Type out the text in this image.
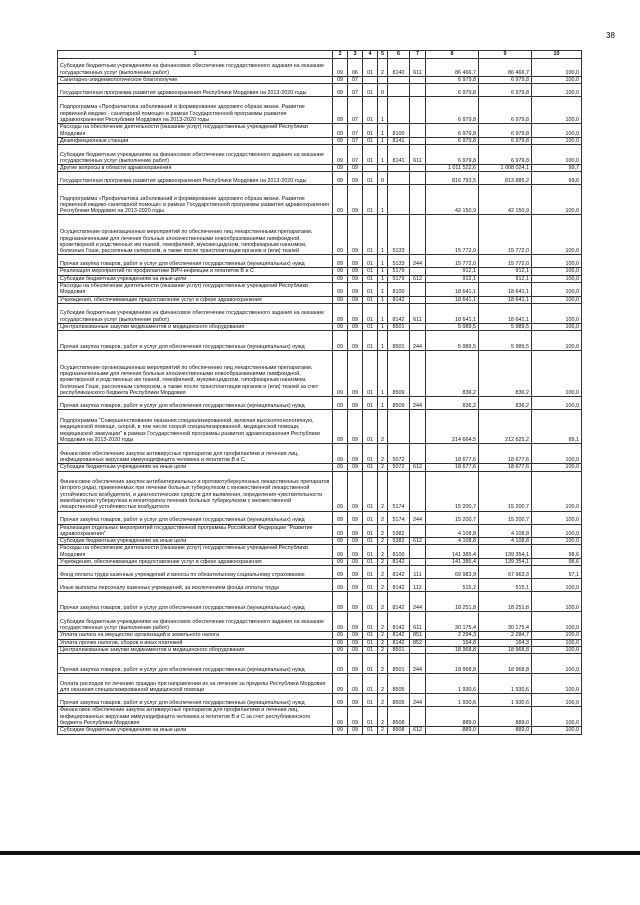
38
1	2	3	4	5	6	7	8	9	10
Субсидии бюджетным учреждениям на финансовое обеспечение государственного задания на оказание государственных услуг (выполнение работ)	09	06	01	2	8140	611	86 466,7	86 466,7	100,0
Санитарно-эпидемиологическое благополучие	09	07					6 979,8	6 979,8	100,0
Государственная программа развития здравоохранения Республики Мордовия на 2013-2020 годы	09	07	01	0			6 979,8	6 979,8	100,0
Подпрограмма «Профилактика заболеваний и формирование здорового образа жизни. Развитие первичной медико - санитарной помощи» в рамках Государственной программы развития здравоохранения Республики Мордовия на 2013-2020 годы	09	07	01	1			6 979,8	6 979,8	100,0
Расходы на обеспечение деятельности (оказание услуг) государственных учреждений Республики Мордовия	09	07	01	1	8100		6 979,8	6 979,8	100,0
Дезинфекционные станции	09	07	01	1	8141		6 979,8	6 979,8	100,0
Субсидии бюджетным учреждениям на финансовое обеспечение государственного задания на оказание государственных услуг (выполнение работ)	09	07	01	1	8141	611	6 979,8	6 979,8	100,0
Другие вопросы в области здравоохранения	09	09					1 011 522,6	1 008 024,1	99,7
Государственная программа развития здравоохранения Республики Мордовия на 2013-2020 годы	09	09	01	0			816 793,5	813 885,2	99,6
Подпрограмма «Профилактика заболеваний и формирование здорового образа жизни. Развитие первичной медико-санитарной помощи» в рамках Государственной программы развития здравоохранения Республики Мордовия на 2013-2020 годы	09	09	01	1			42 150,9	42 150,9	100,0
Осуществление организационных мероприятий по обеспечению лиц лекарственными препаратами, предназначенными для лечения больных злокачественными новообразованиями лимфоидной, кроветворной и родственных им тканей, гемофилией, муковисцидозом, гипофизарным нанизмом, болезнью Гоше, рассеянным склерозом, а также после трансплантации органов и (или) тканей	09	09	01	1	5133		15 772,0	15 772,0	100,0
Прочая закупка товаров, работ и услуг для обеспечения государственных (муниципальных) нужд	09	09	01	1	5133	244	15 772,0	15 772,0	100,0
Реализация мероприятий по профилактике ВИЧ-инфекции и гепатитов В и С	09	09	01	1	5179		912,1	912,1	100,0
Субсидии бюджетным учреждениям на иные цели	09	09	01	1	5179	612	912,1	912,1	100,0
Расходы на обеспечение деятельности (оказание услуг) государственных учреждений Республики Мордовия	09	09	01	1	8100		18 641,1	18 641,1	100,0
Учреждения, обеспечивающие предоставление услуг в сфере здравоохранения	09	09	01	1	8142		18 641,1	18 641,1	100,0
Субсидии бюджетным учреждениям на финансовое обеспечение государственного задания на оказание государственных услуг (выполнение работ)	09	09	01	1	8142	611	18 641,1	18 641,1	100,0
Централизованные закупки медикаментов и медицинского оборудования	09	09	01	1	8501		5 989,5	5 989,5	100,0
Прочая закупка товаров, работ и услуг для обеспечения государственных (муниципальных) нужд	09	09	01	1	8501	244	5 989,5	5 989,5	100,0
Осуществление организационных мероприятий по обеспечению лиц лекарственными препаратами, предназначенными для лечения больных злокачественными новообразованиями лимфоидной, кроветворной и родственных им тканей, гемофилией, муковисцидозом, гипофизарным нанизмом, болезнью Гоше, рассеянным склерозом, а также после трансплантации органов и (или) тканей за счет республиканского бюджета Республики Мордовия	09	09	01	1	8509		836,2	836,2	100,0
Прочая закупка товаров, работ и услуг для обеспечения государственных (муниципальных) нужд	09	09	01	1	8509	244	836,2	836,2	100,0
Подпрограмма "Совершенствование оказания специализированной, включая высокотехнологичную, медицинской помощи, скорой, в том числе скорой специализированной, медицинской помощи, медицинской эвакуации" в рамках Государственной программы развития здравоохранения Республики Мордовия на 2013-2020 годы	09	09	01	2			214 664,5	212 625,2	99,1
Финансовое обеспечение закупок антивирусных препаратов для профилактики и лечения лиц, инфицированных вирусами иммунодефицита человека и гепатитов В и С	09	09	01	2	5072		18 677,6	18 677,6	100,0
Субсидии бюджетным учреждениям на иные цели	09	09	01	2	5072	612	18 677,6	18 677,6	100,0
Финансовое обеспечение закупок антибактериальных и противотуберкулезных лекарственных препаратов (второго ряда), применяемых при лечении больных туберкулезом с множественной лекарственной устойчивостью возбудителя, и диагностических средств для выявления, определения чувствительности микобактерии туберкулеза и мониторинга лечения больных туберкулезом с множественной лекарственной устойчивостью возбудителя	09	09	01	2	5174		15 200,7	15 200,7	100,0
Прочая закупка товаров, работ и услуг для обеспечения государственных (муниципальных) нужд	09	09	01	2	5174	244	15 200,7	15 200,7	100,0
Реализация отдельных мероприятий государственной программы Российской Федерации "Развитие здравоохранения"	09	09	01	2	5382		4 108,8	4 108,8	100,0
Субсидии бюджетным учреждениям на иные цели	09	09	01	2	5382	612	4 108,8	4 108,8	100,0
Расходы на обеспечение деятельности (оказание услуг) государственных учреждений Республики Мордовия	09	09	01	2	8100		141 385,4	139 354,1	98,6
Учреждения, обеспечивающие предоставление услуг в сфере здравоохранения	09	09	01	2	8142		141 385,4	139 354,1	98,6
Фонд оплаты труда казенных учреждений и взносы по обязательному социальному страхованию	09	09	01	2	8142	111	69 983,9	67 963,3	97,1
Иные выплаты персоналу казенных учреждений, за исключением фонда оплаты труда	09	09	01	2	8142	112	515,2	515,1	100,0
Прочая закупка товаров, работ и услуг для обеспечения государственных (муниципальных) нужд	09	09	01	2	8142	244	18 251,8	18 251,8	100,0
Субсидии бюджетным учреждениям на финансовое обеспечение государственного задания на оказание государственных услуг (выполнение работ)	09	09	01	2	8142	611	30 175,4	30 175,4	100,0
Уплата налога на имущество организаций и земельного налога	09	09	01	2	8142	851	2 294,3	2 284,7	100,0
Уплата прочих налогов, сборов и иных платежей	09	09	01	2	8142	852	164,8	164,3	100,0
Централизованные закупки медикаментов и медицинского оборудования	09	09	01	2	8501		18 968,8	18 968,8	100,0
Прочая закупка товаров, работ и услуг для обеспечения государственных (муниципальных) нужд	09	09	01	2	8501	244	18 968,8	18 968,8	100,0
Оплата расходов по лечению граждан при направлении их на лечение за пределы Республики Мордовия для оказания специализированной медицинской помощи	09	09	01	2	8505		1 930,6	1 930,6	100,0
Прочая закупка товаров, работ и услуг для обеспечения государственных (муниципальных) нужд	09	09	01	2	8505	244	1 930,6	1 930,6	100,0
Финансовое обеспечение закупок антивирусных препаратов для профилактики и лечения лиц, инфицированных вирусами иммунодефицита человека и гепатитов В и С за счет республиканского бюджета Республики Мордовия	09	09	01	2	8508		889,0	889,0	100,0
Субсидии бюджетным учреждениям на иные цели	09	09	01	2	8508	612	889,0	889,0	100,0
